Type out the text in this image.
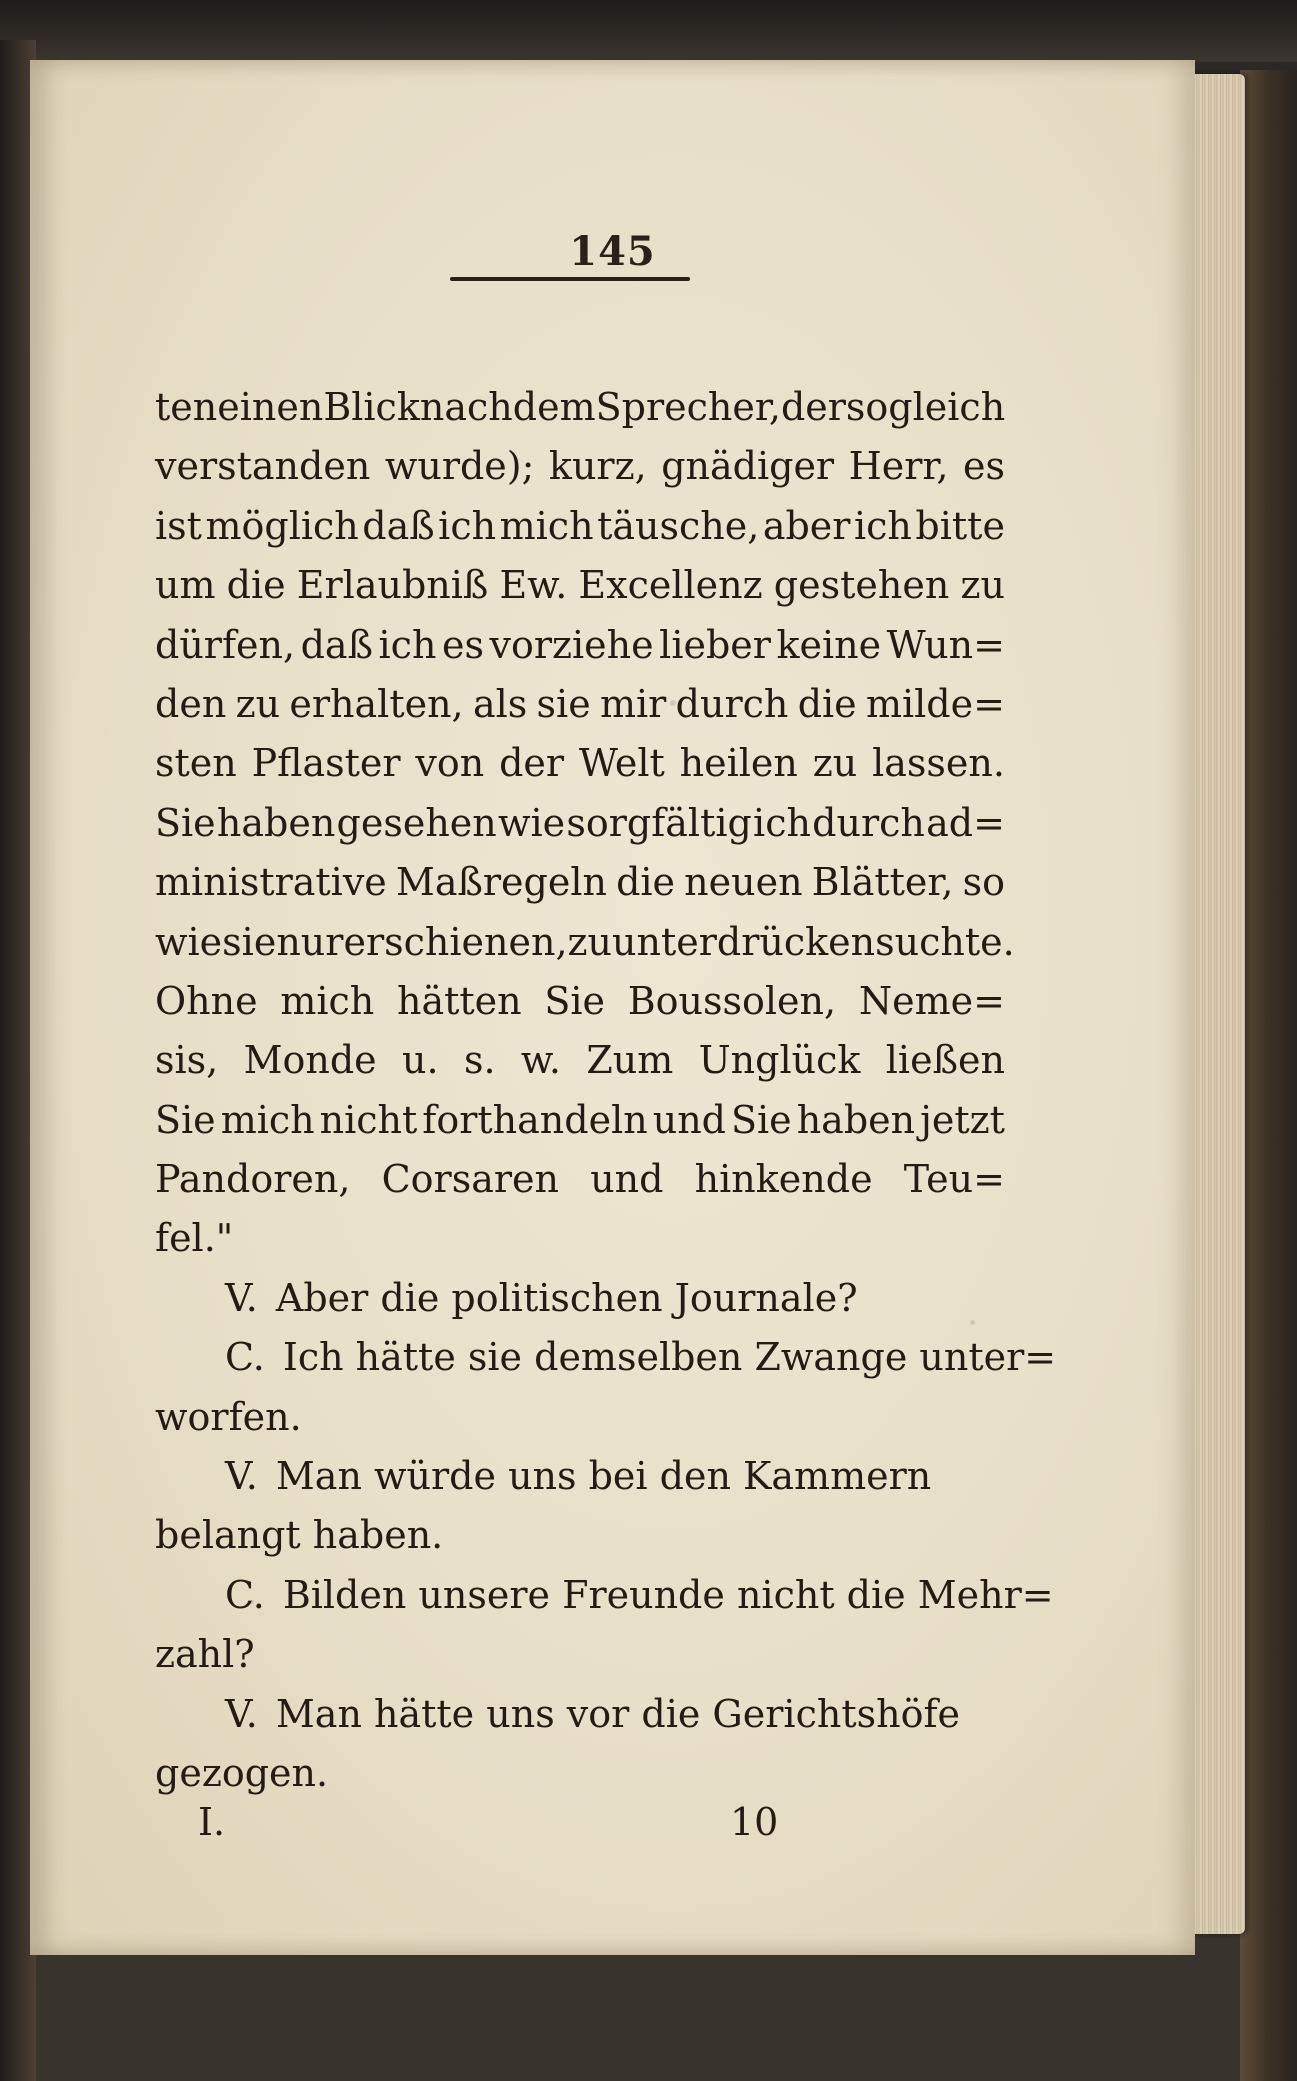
145
ten einen Blick nach dem Sprecher, der sogleich
verstanden wurde); kurz, gnädiger Herr, es
ist möglich daß ich mich täusche, aber ich bitte
um die Erlaubniß Ew. Excellenz gestehen zu
dürfen, daß ich es vorziehe lieber keine Wun=
den zu erhalten, als sie mir durch die milde=
sten Pflaster von der Welt heilen zu lassen.
Sie haben gesehen wie sorgfältig ich durch ad=
ministrative Maßregeln die neuen Blätter, so
wie sie nur erschienen, zu unterdrücken suchte.
Ohne mich hätten Sie Boussolen, Neme=
sis, Monde u. s. w. Zum Unglück ließen
Sie mich nicht forthandeln und Sie haben jetzt
Pandoren, Corsaren und hinkende Teu=
fel."
V. Aber die politischen Journale?
C. Ich hätte sie demselben Zwange unter=
worfen.
V. Man würde uns bei den Kammern
belangt haben.
C. Bilden unsere Freunde nicht die Mehr=
zahl?
V. Man hätte uns vor die Gerichtshöfe
gezogen.
I.	10
